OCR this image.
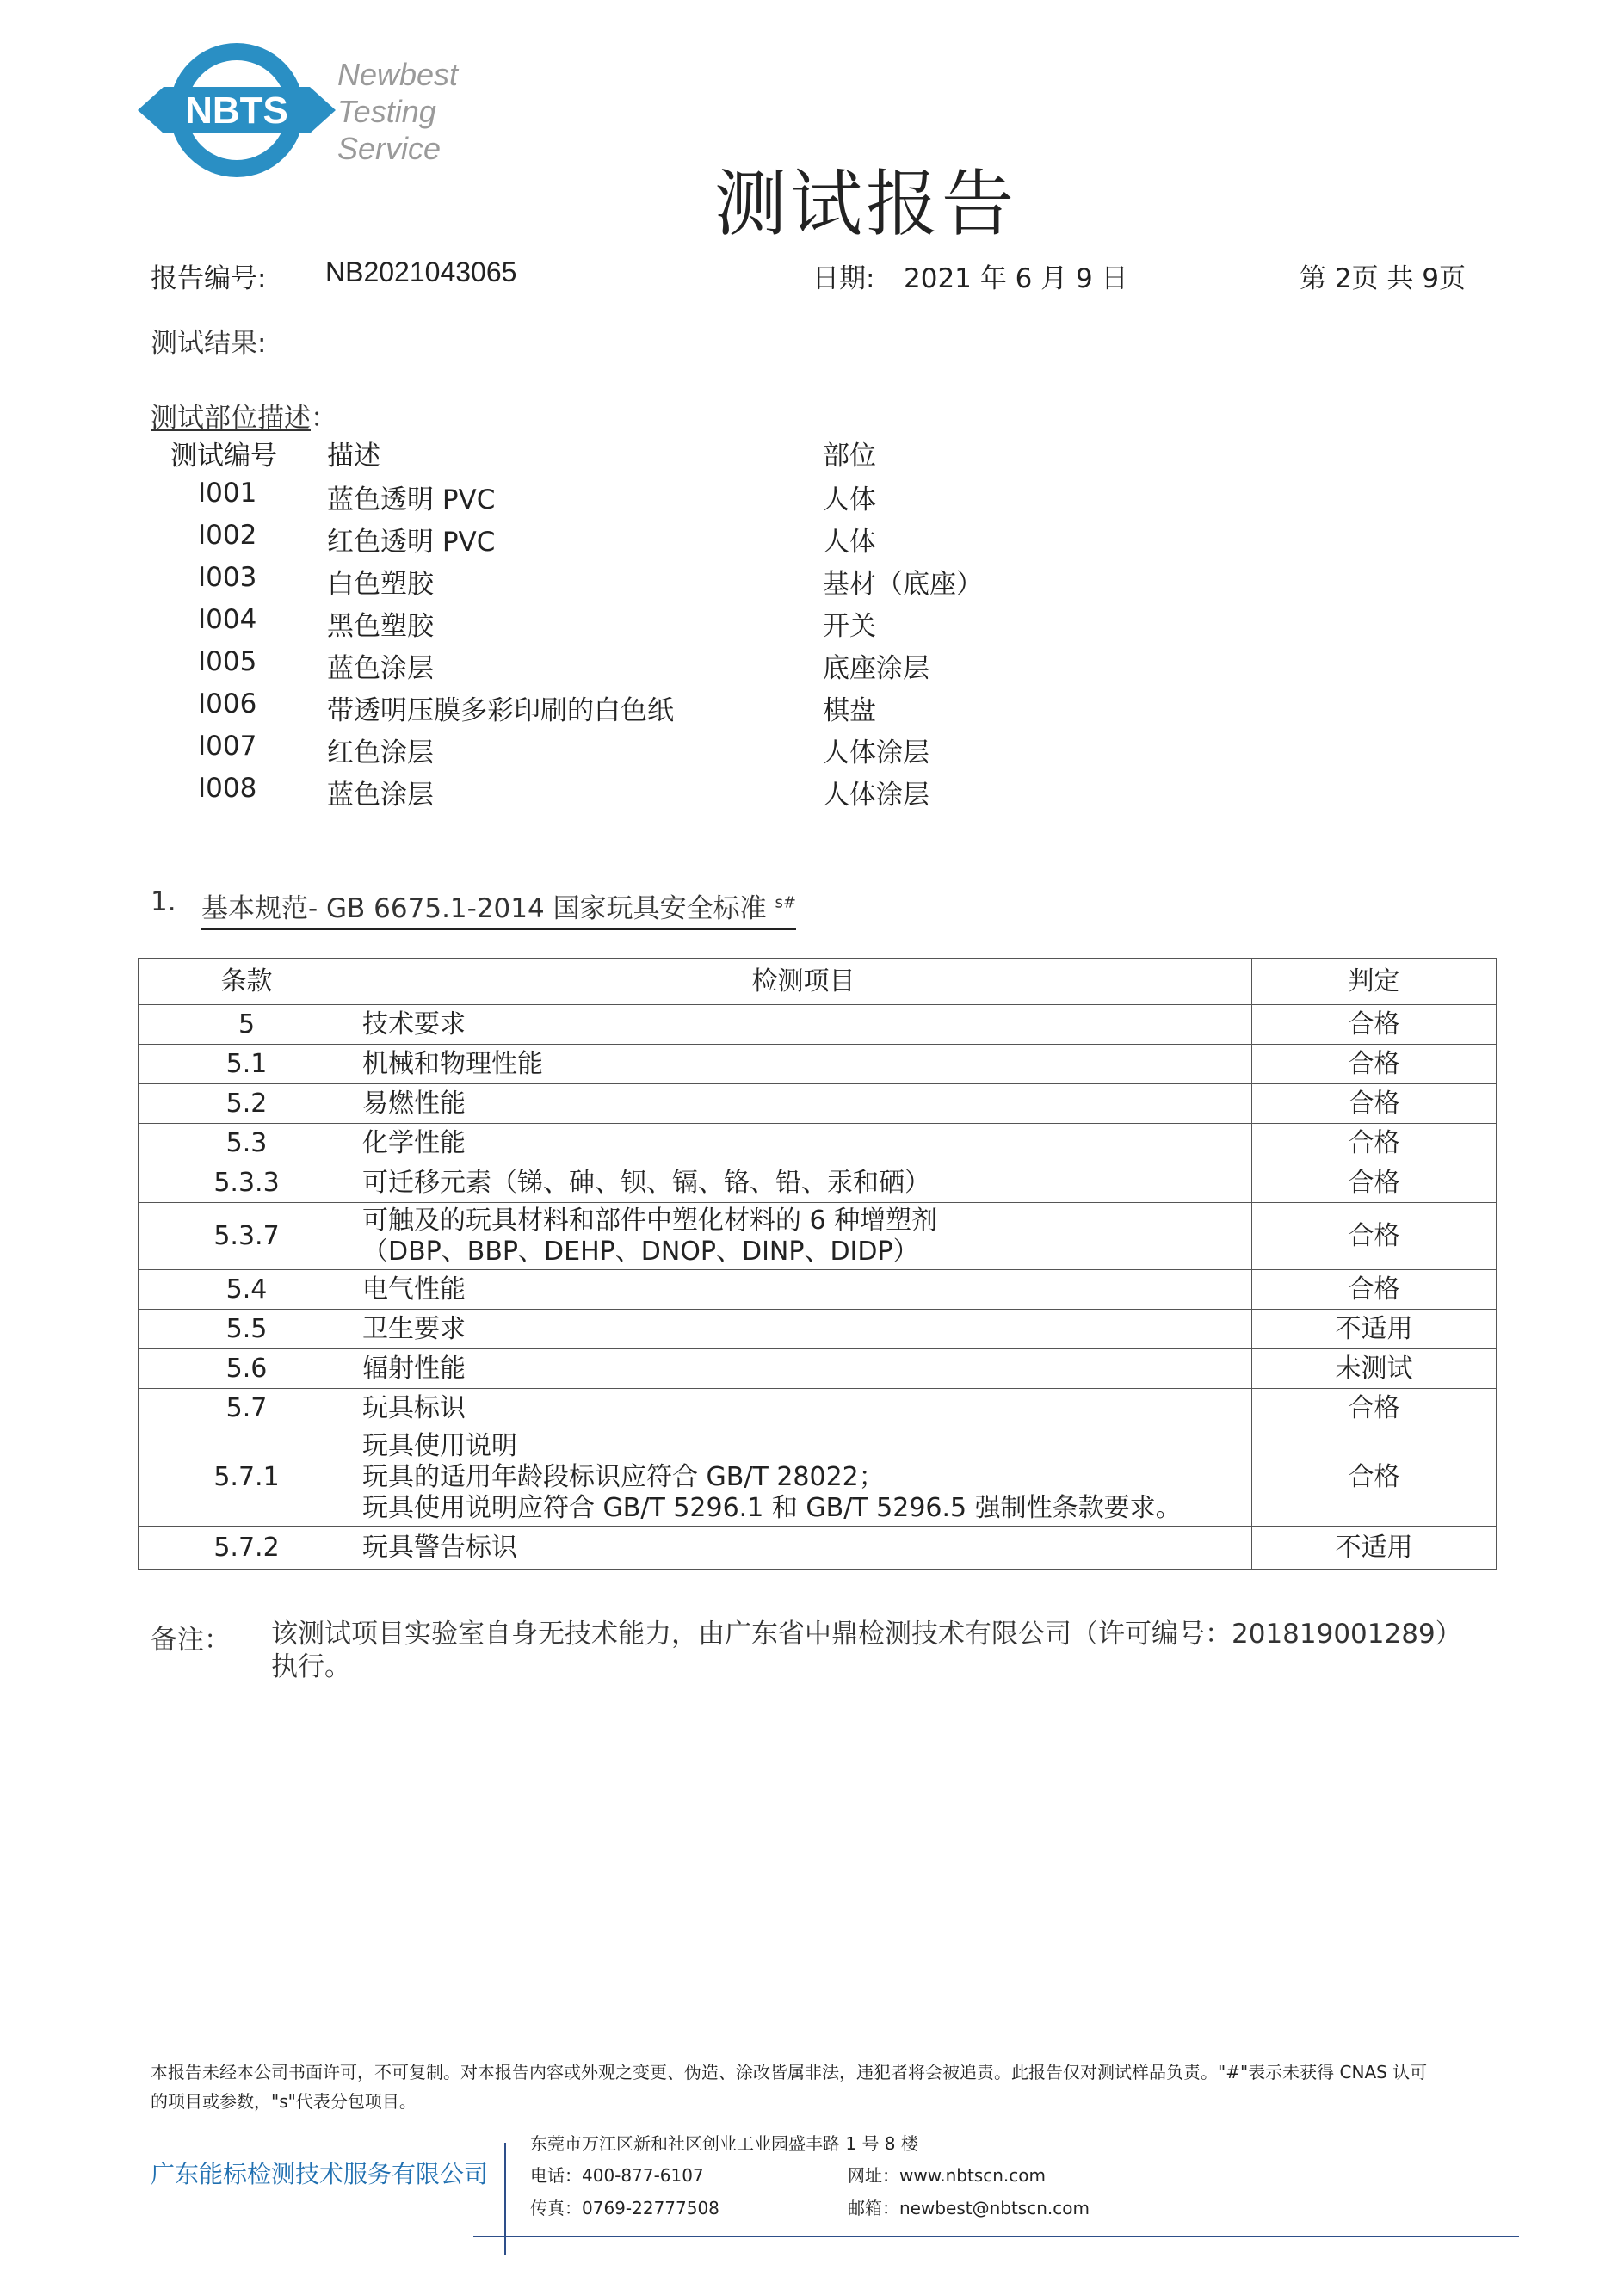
NBTS
Newbest
Testing
Service
测试报告
报告编号: NB2021043065	日期: 2021 年 6 月 9 日	第 2页 共 9页
测试结果:
测试部位描述：
测试编号 描述	部位
I001	蓝色透明 PVC	人体
I002	红色透明 PVC	人体
I003	白色塑胶	基材（底座）
I004	黑色塑胶	开关
I005	蓝色涂层	底座涂层
I006	带透明压膜多彩印刷的白色纸	棋盘
I007	红色涂层	人体涂层
I008	蓝色涂层	人体涂层
1. 基本规范- GB 6675.1-2014 国家玩具安全标准 $^{s\#}$
条款	检测项目	判定
5	技术要求	合格
5.1	机械和物理性能	合格
5.2	易燃性能	合格
5.3	化学性能	合格
5.3.3	可迁移元素（锑、砷、钡、镉、铬、铅、汞和硒）	合格
5.3.7	可触及的玩具材料和部件中塑化材料的 6 种增塑剂
（DBP、BBP、DEHP、DNOP、DINP、DIDP）	合格
5.4	电气性能	合格
5.5	卫生要求	不适用
5.6	辐射性能	未测试
5.7	玩具标识	合格
5.7.1	玩具使用说明
玩具的适用年龄段标识应符合 GB/T 28022；
玩具使用说明应符合 GB/T 5296.1 和 GB/T 5296.5 强制性条款要求。	合格
5.7.2	玩具警告标识	不适用
备注： 该测试项目实验室自身无技术能力，由广东省中鼎检测技术有限公司（许可编号：201819001289）
执行。
本报告未经本公司书面许可，不可复制。对本报告内容或外观之变更、伪造、涂改皆属非法，违犯者将会被追责。此报告仅对测试样品负责。"#"表示未获得 CNAS 认可
的项目或参数，"s"代表分包项目。
广东能标检测技术服务有限公司
东莞市万江区新和社区创业工业园盛丰路 1 号 8 楼
电话：400-877-6107
传真：0769-22777508
网址：www.nbtscn.com
邮箱：newbest@nbtscn.com
